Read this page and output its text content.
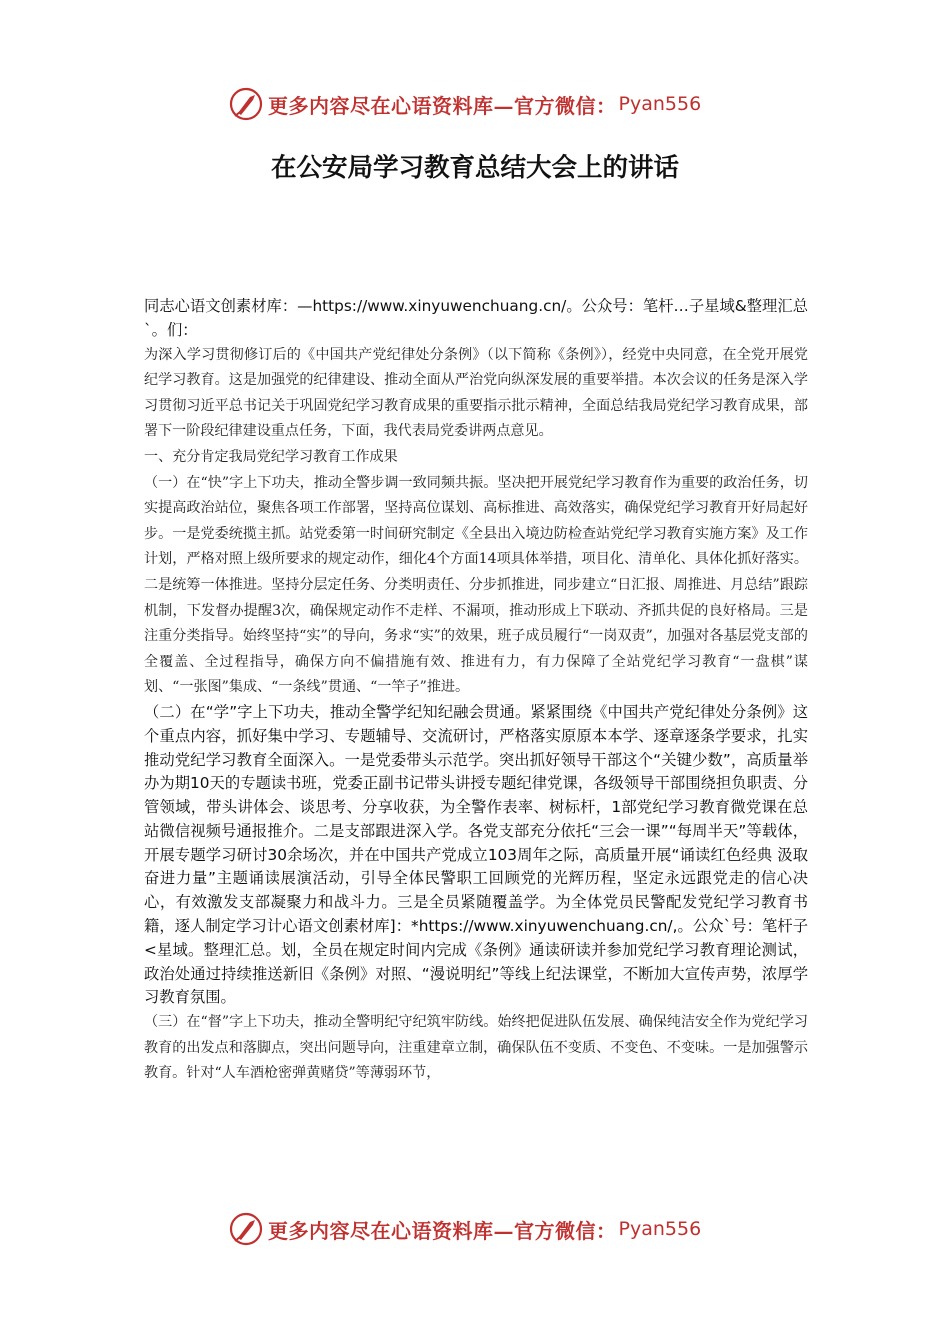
更多内容尽在心语资料库—官方微信： Pyan556
在公安局学习教育总结大会上的讲话

同志心语文创素材库：—https://www.xinyuwenchuang.cn/。公众号：笔杆…子星域&整理汇总`。们：

为深入学习贯彻修订后的《中国共产党纪律处分条例》（以下简称《条例》），经党中央同意，在全党开展党纪学习教育。这是加强党的纪律建设、推动全面从严治党向纵深发展的重要举措。本次会议的任务是深入学习贯彻习近平总书记关于巩固党纪学习教育成果的重要指示批示精神，全面总结我局党纪学习教育成果，部署下一阶段纪律建设重点任务，下面，我代表局党委讲两点意见。

一、充分肯定我局党纪学习教育工作成果

（一）在“快”字上下功夫，推动全警步调一致同频共振。坚决把开展党纪学习教育作为重要的政治任务，切实提高政治站位，聚焦各项工作部署，坚持高位谋划、高标推进、高效落实，确保党纪学习教育开好局起好步。一是党委统揽主抓。站党委第一时间研究制定《全县出入境边防检查站党纪学习教育实施方案》及工作计划，严格对照上级所要求的规定动作，细化4个方面14项具体举措，项目化、清单化、具体化抓好落实。二是统筹一体推进。坚持分层定任务、分类明责任、分步抓推进，同步建立“日汇报、周推进、月总结”跟踪机制，下发督办提醒3次，确保规定动作不走样、不漏项，推动形成上下联动、齐抓共促的良好格局。三是注重分类指导。始终坚持“实”的导向，务求“实”的效果，班子成员履行“一岗双责”，加强对各基层党支部的全覆盖、全过程指导，确保方向不偏措施有效、推进有力，有力保障了全站党纪学习教育“一盘棋”谋划、“一张图”集成、“一条线”贯通、“一竿子”推进。

（二）在“学”字上下功夫，推动全警学纪知纪融会贯通。紧紧围绕《中国共产党纪律处分条例》这个重点内容，抓好集中学习、专题辅导、交流研讨，严格落实原原本本学、逐章逐条学要求，扎实推动党纪学习教育全面深入。一是党委带头示范学。突出抓好领导干部这个“关键少数”，高质量举办为期10天的专题读书班，党委正副书记带头讲授专题纪律党课，各级领导干部围绕担负职责、分管领域，带头讲体会、谈思考、分享收获，为全警作表率、树标杆，1部党纪学习教育微党课在总站微信视频号通报推介。二是支部跟进深入学。各党支部充分依托“三会一课”“每周半天”等载体，开展专题学习研讨30余场次，并在中国共产党成立103周年之际，高质量开展“诵读红色经典 汲取奋进力量”主题诵读展演活动，引导全体民警职工回顾党的光辉历程，坚定永远跟党走的信心决心，有效激发支部凝聚力和战斗力。三是全员紧随覆盖学。为全体党员民警配发党纪学习教育书籍，逐人制定学习计心语文创素材库]：*https://www.xinyuwenchuang.cn/,。公众`号：笔杆子<星域。整理汇总。划，全员在规定时间内完成《条例》通读研读并参加党纪学习教育理论测试，政治处通过持续推送新旧《条例》对照、“漫说明纪”等线上纪法课堂，不断加大宣传声势，浓厚学习教育氛围。

（三）在“督”字上下功夫，推动全警明纪守纪筑牢防线。始终把促进队伍发展、确保纯洁安全作为党纪学习教育的出发点和落脚点，突出问题导向，注重建章立制，确保队伍不变质、不变色、不变味。一是加强警示教育。针对“人车酒枪密弹黄赌贷”等薄弱环节，

更多内容尽在心语资料库—官方微信： Pyan556
